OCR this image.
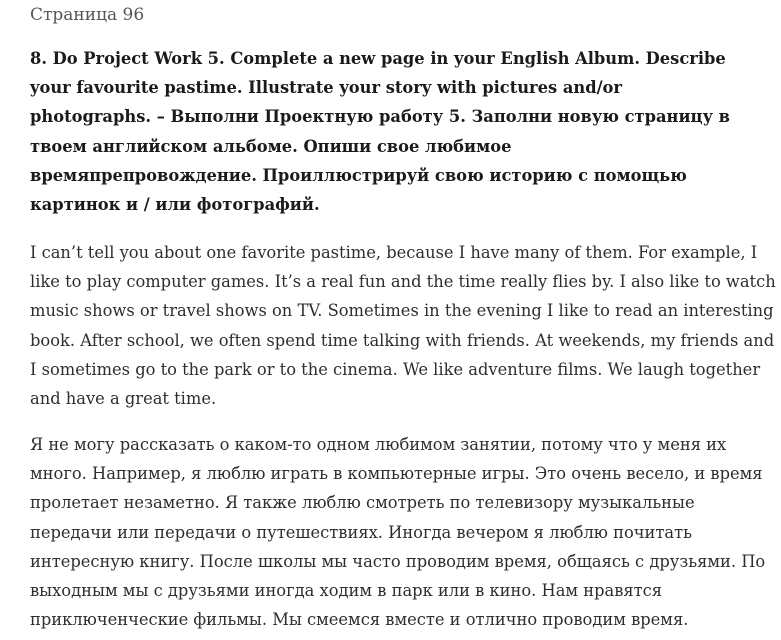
Страница 96

8. Do Project Work 5. Complete a new page in your English Album. Describe
your favourite pastime. Illustrate your story with pictures and/or
photographs. – Выполни Проектную работу 5. Заполни новую страницу в
твоем английском альбоме. Опиши свое любимое
времяпрепровождение. Проиллюстрируй свою историю с помощью
картинок и / или фотографий.

I can’t tell you about one favorite pastime, because I have many of them. For example, I
like to play computer games. It’s a real fun and the time really flies by. I also like to watch
music shows or travel shows on TV. Sometimes in the evening I like to read an interesting
book. After school, we often spend time talking with friends. At weekends, my friends and
I sometimes go to the park or to the cinema. We like adventure films. We laugh together
and have a great time.

Я не могу рассказать о каком-то одном любимом занятии, потому что у меня их
много. Например, я люблю играть в компьютерные игры. Это очень весело, и время
пролетает незаметно. Я также люблю смотреть по телевизору музыкальные
передачи или передачи о путешествиях. Иногда вечером я люблю почитать
интересную книгу. После школы мы часто проводим время, общаясь с друзьями. По
выходным мы с друзьями иногда ходим в парк или в кино. Нам нравятся
приключенческие фильмы. Мы смеемся вместе и отлично проводим время.
